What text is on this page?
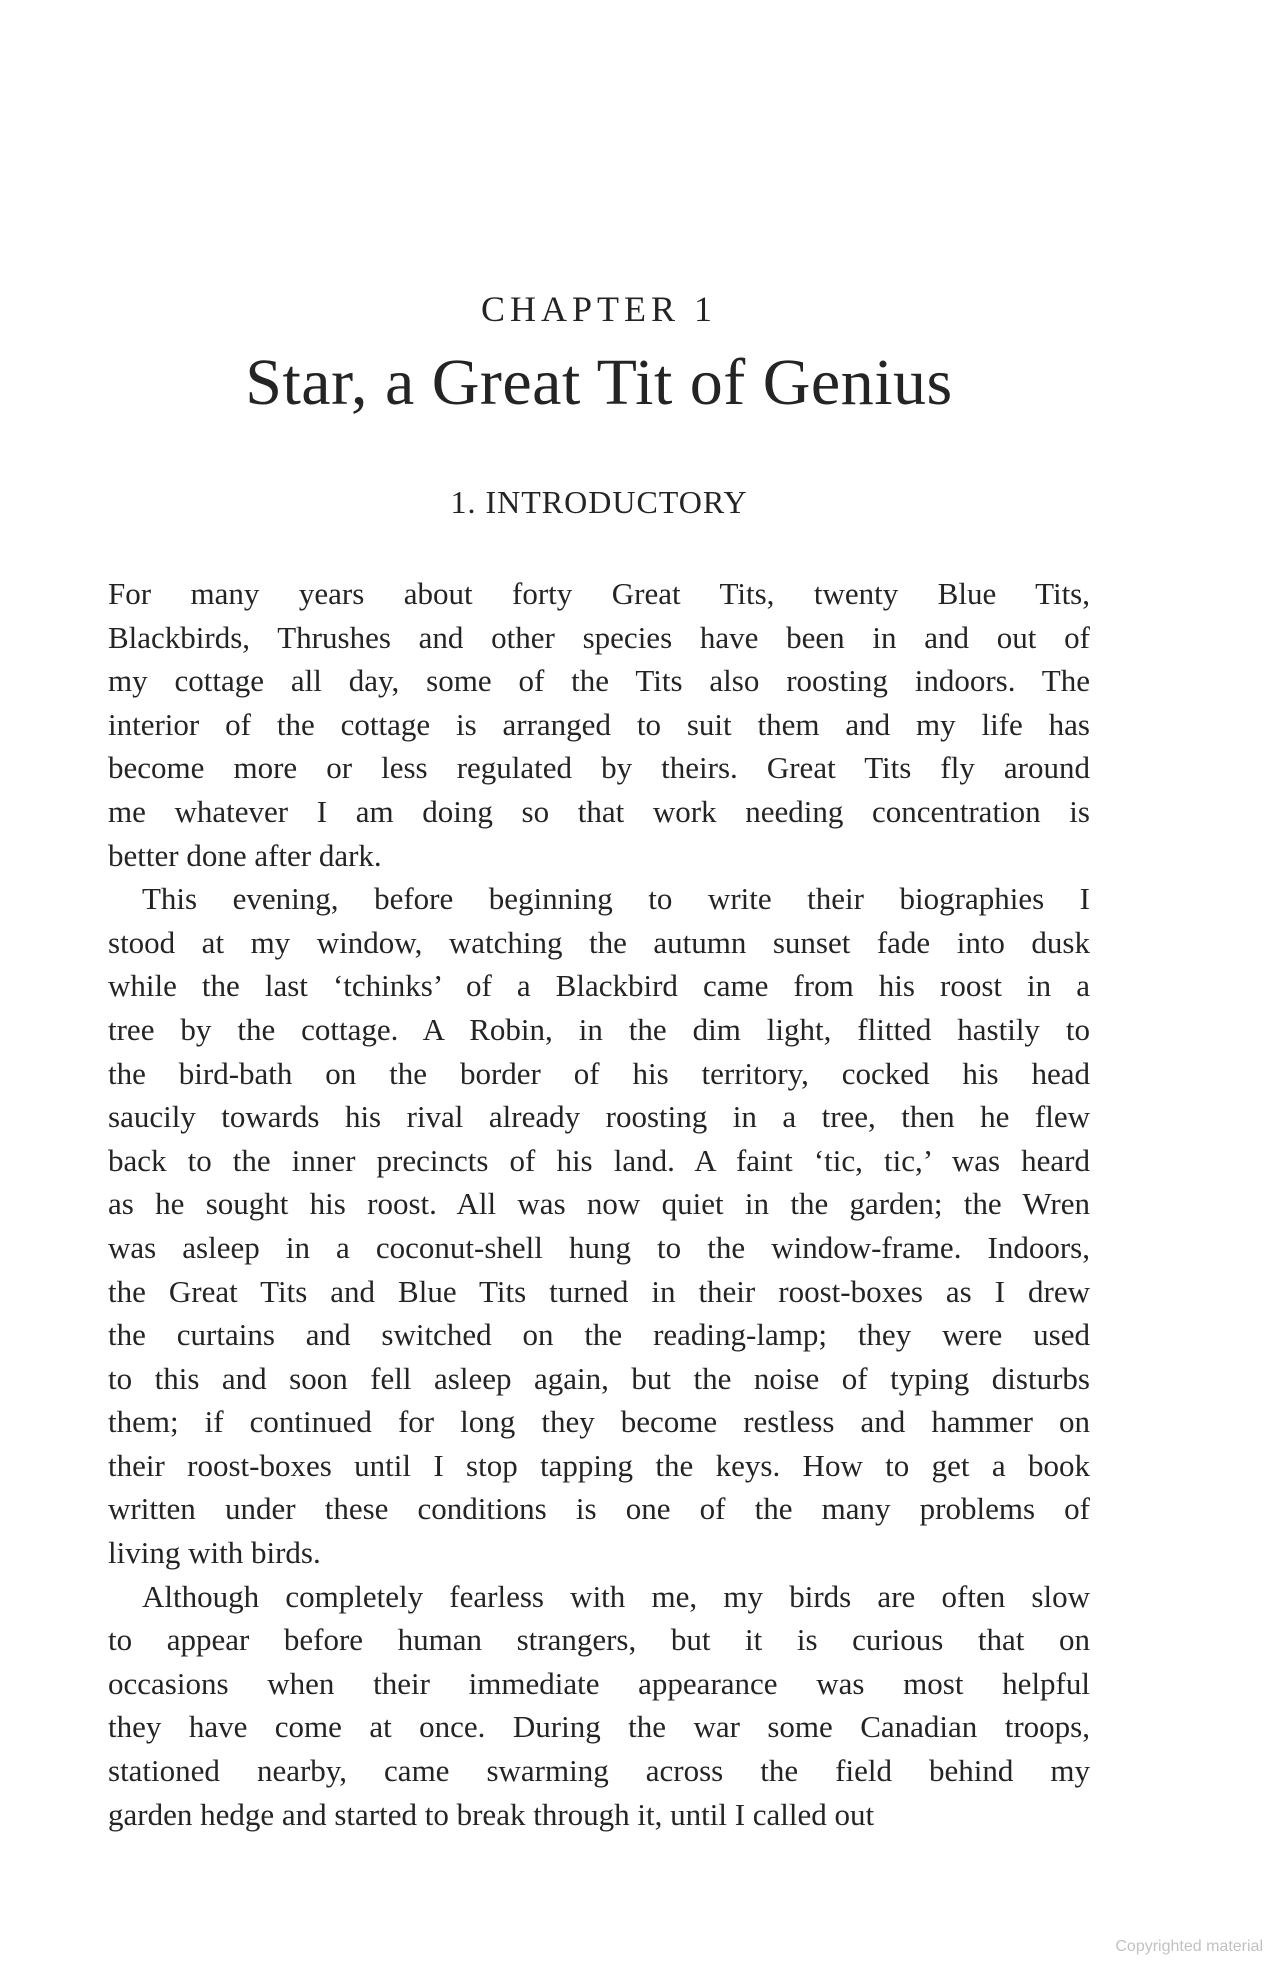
CHAPTER 1
Star, a Great Tit of Genius
1. INTRODUCTORY
For many years about forty Great Tits, twenty Blue Tits,
Blackbirds, Thrushes and other species have been in and out of
my cottage all day, some of the Tits also roosting indoors. The
interior of the cottage is arranged to suit them and my life has
become more or less regulated by theirs. Great Tits fly around
me whatever I am doing so that work needing concentration is
better done after dark.
This evening, before beginning to write their biographies I
stood at my window, watching the autumn sunset fade into dusk
while the last ‘tchinks’ of a Blackbird came from his roost in a
tree by the cottage. A Robin, in the dim light, flitted hastily to
the bird-bath on the border of his territory, cocked his head
saucily towards his rival already roosting in a tree, then he flew
back to the inner precincts of his land. A faint ‘tic, tic,’ was heard
as he sought his roost. All was now quiet in the garden; the Wren
was asleep in a coconut-shell hung to the window-frame. Indoors,
the Great Tits and Blue Tits turned in their roost-boxes as I drew
the curtains and switched on the reading-lamp; they were used
to this and soon fell asleep again, but the noise of typing disturbs
them; if continued for long they become restless and hammer on
their roost-boxes until I stop tapping the keys. How to get a book
written under these conditions is one of the many problems of
living with birds.
Although completely fearless with me, my birds are often slow
to appear before human strangers, but it is curious that on
occasions when their immediate appearance was most helpful
they have come at once. During the war some Canadian troops,
stationed nearby, came swarming across the field behind my
garden hedge and started to break through it, until I called out
Copyrighted material
